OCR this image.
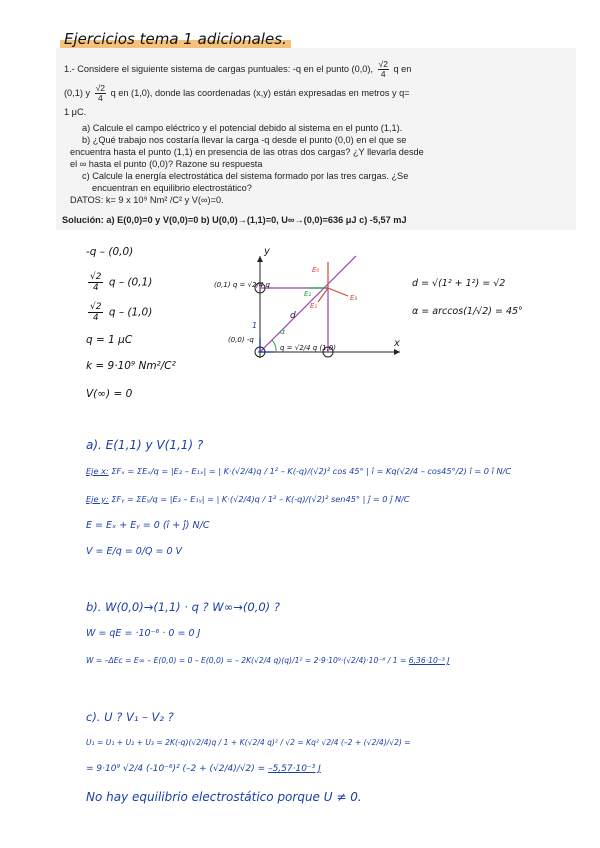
Ejercicios tema 1 adicionales.

1.- Considere el siguiente sistema de cargas puntuales: -q en el punto (0,0), $\frac{√2}{4}$ q en

(0,1) y $\frac{√2}{4}$ q en (1,0), donde las coordenadas (x,y) están expresadas en metros y q=

1 μC.

a) Calcule el campo eléctrico y el potencial debido al sistema en el punto (1,1).

b) ¿Qué trabajo nos costaría llevar la carga -q desde el punto (0,0) en el que se

encuentra hasta el punto (1,1) en presencia de las otras dos cargas? ¿Y llevarla desde

el ∞ hasta el punto (0,0)? Razone su respuesta

c) Calcule la energía electrostática del sistema formado por las tres cargas. ¿Se

encuentran en equilibrio electrostático?

DATOS: k= 9 x 10⁹ Nm² /C² y V(∞)=0.

Solución: a) E(0,0)=0 y V(0,0)=0 b) U(0,0)→(1,1)=0, U∞→(0,0)=636 μJ c) -5,57 mJ

-q – (0,0)
$\frac{√2}{4}$ q – (0,1)
$\frac{√2}{4}$ q – (1,0)
q = 1 μC
k = 9·10⁹ Nm²/C²
V(∞) = 0
y
x
d
α
1
E₂	E₃
E₁
E₀
(0,1) q = √2/4 q
(0,0) -q
q = √2/4 q (1,0)
d = √(1² + 1²) = √2
α = arccos(1/√2) = 45°
a). E(1,1) y V(1,1) ?
Eje x: ΣFₓ = ΣEₓ/q = |E₂ – E₁ₓ| = | K·(√2/4)q / 1² – K(-q)/(√2)² cos 45° | î = Kq(√2/4 – cos45°/2) î = 0 î N/C
Eje y: ΣFᵧ = ΣEᵧ/q = |E₃ – E₁ᵧ| = | K·(√2/4)q / 1² – K(-q)/(√2)² sen45° | ĵ = 0 ĵ N/C
E = Eₓ + Eᵧ = 0 (î + ĵ) N/C
V = E/q = 0/Q = 0 V
b). W(0,0)→(1,1) · q ? W∞→(0,0) ?
W = qE = ·10⁻⁶ · 0 = 0 J
W = –ΔEc = E∞ – E(0,0) = 0 – E(0,0) = – 2K(√2/4 q)(q)/1² = 2·9·10⁹·(√2/4)·10⁻⁶ / 1 = 6,36·10⁻³ J
c). U ? V₁ – V₂ ?
U₁ = U₁ + U₂ + U₃ = 2K(-q)(√2/4)q / 1 + K(√2/4 q)² / √2 = Kq² √2/4 (–2 + (√2/4)/√2) =
= 9·10⁹ √2/4 (-10⁻⁶)² (–2 + (√2/4)/√2) = –5,57·10⁻³ J
No hay equilibrio electrostático porque U ≠ 0.
